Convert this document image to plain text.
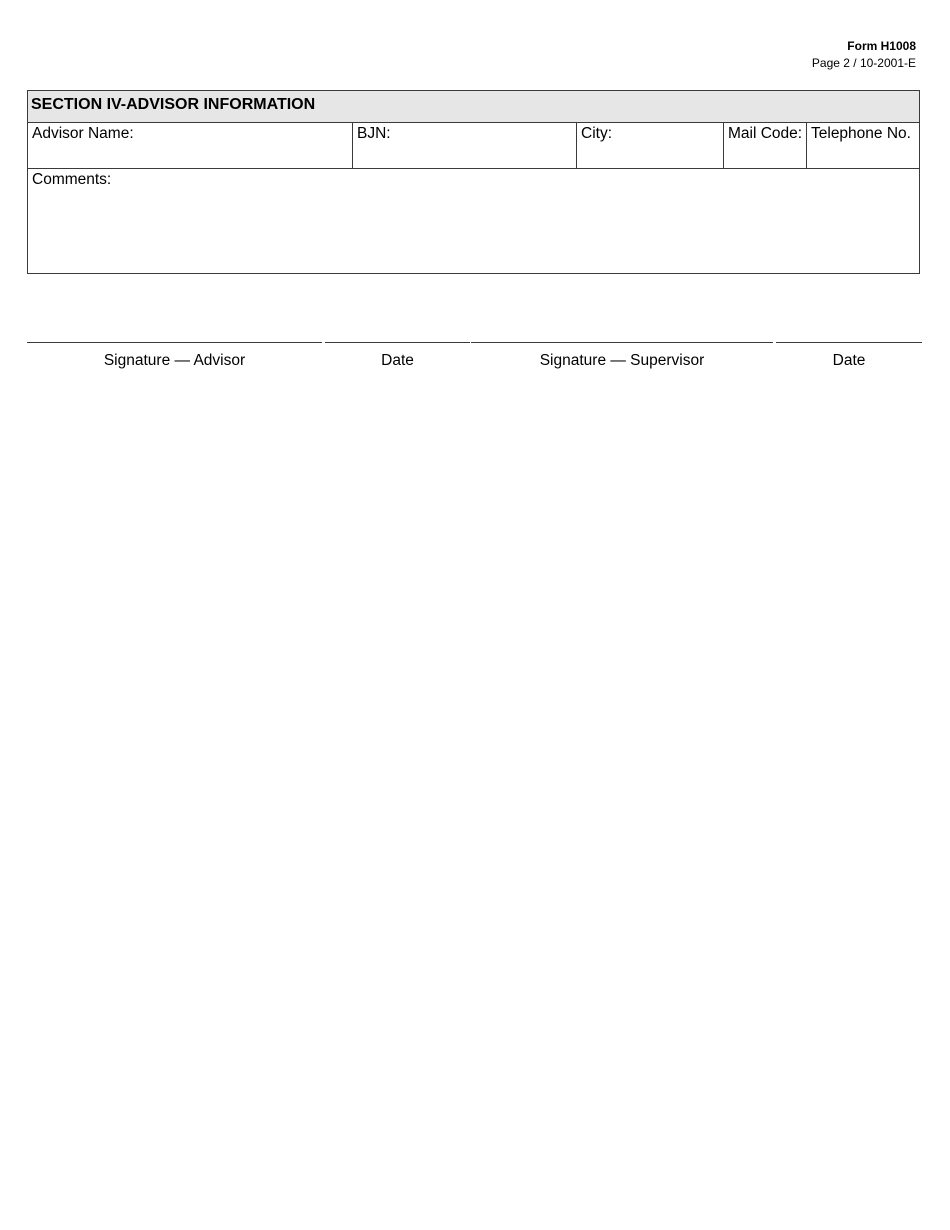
Form H1008
Page 2 / 10-2001-E
SECTION IV-ADVISOR INFORMATION
Advisor Name:	BJN:	City:	Mail Code: Telephone No.
Comments:
Signature — Advisor	Date	Signature — Supervisor	Date
